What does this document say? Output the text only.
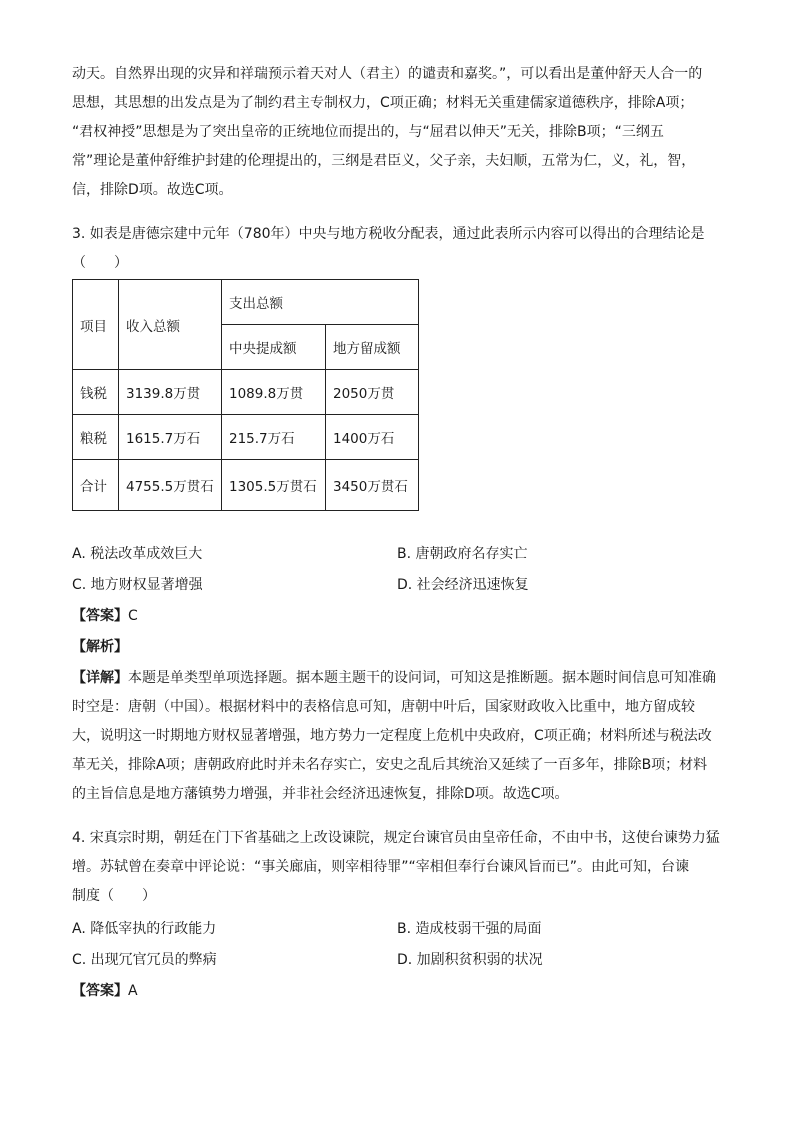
动天。自然界出现的灾异和祥瑞预示着天对人（君主）的谴责和嘉奖。”，可以看出是董仲舒天人合一的
思想，其思想的出发点是为了制约君主专制权力，C项正确；材料无关重建儒家道德秩序，排除A项；
“君权神授”思想是为了突出皇帝的正统地位而提出的，与“屈君以伸天”无关，排除B项；“三纲五
常”理论是董仲舒维护封建的伦理提出的，三纲是君臣义，父子亲，夫妇顺，五常为仁，义，礼，智，
信，排除D项。故选C项。
3. 如表是唐德宗建中元年（780年）中央与地方税收分配表，通过此表所示内容可以得出的合理结论是
（　　）
项目	收入总额	支出总额	
		中央提成额	地方留成额
钱税	3139.8万贯	1089.8万贯	2050万贯
粮税	1615.7万石	215.7万石	1400万石
合计	4755.5万贯石	1305.5万贯石	3450万贯石
A. 税法改革成效巨大	B. 唐朝政府名存实亡
C. 地方财权显著增强	D. 社会经济迅速恢复
【答案】C
【解析】
【详解】本题是单类型单项选择题。据本题主题干的设问词，可知这是推断题。据本题时间信息可知准确
时空是：唐朝（中国）。根据材料中的表格信息可知，唐朝中叶后，国家财政收入比重中，地方留成较
大，说明这一时期地方财权显著增强，地方势力一定程度上危机中央政府，C项正确；材料所述与税法改
革无关，排除A项；唐朝政府此时并未名存实亡，安史之乱后其统治又延续了一百多年，排除B项；材料
的主旨信息是地方藩镇势力增强，并非社会经济迅速恢复，排除D项。故选C项。
4. 宋真宗时期，朝廷在门下省基础之上改设谏院，规定台谏官员由皇帝任命，不由中书，这使台谏势力猛
增。苏轼曾在奏章中评论说：“事关廊庙，则宰相待罪”“宰相但奉行台谏风旨而已”。由此可知，台谏
制度（　　）
A. 降低宰执的行政能力	B. 造成枝弱干强的局面
C. 出现冗官冗员的弊病	D. 加剧积贫积弱的状况
【答案】A
